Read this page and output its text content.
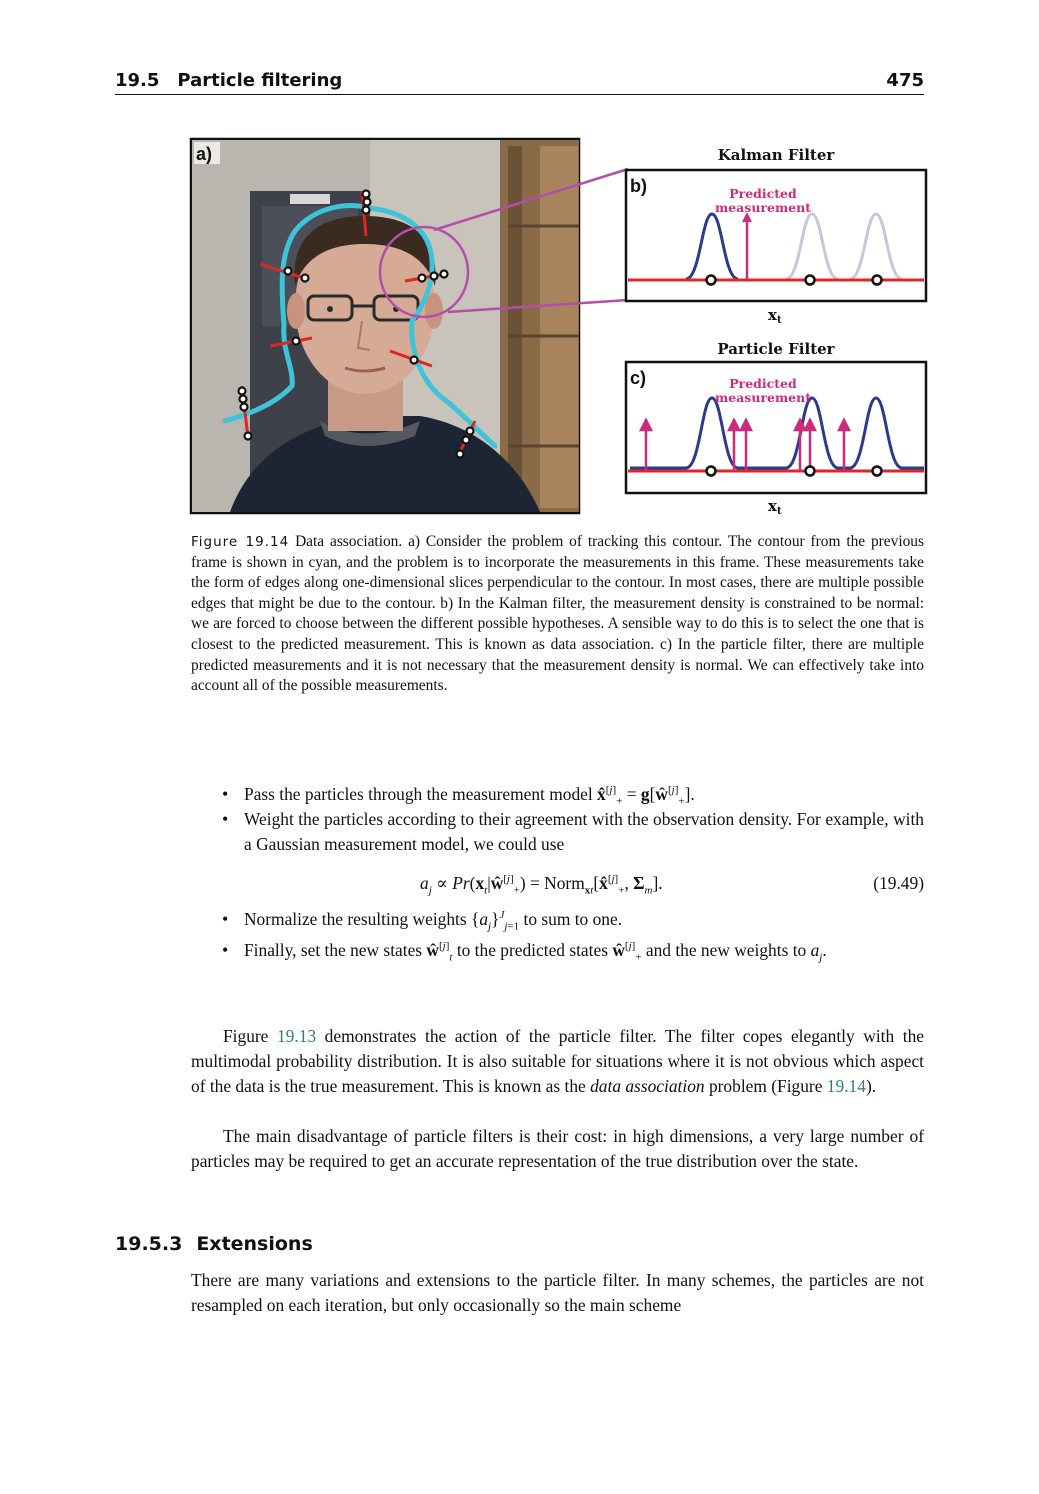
19.5 Particle filtering	475
a)	Kalman Filter
b)	Predicted
measurement
$x_t$
Particle Filter
c)	Predicted
measurement
$x_t$
Figure 19.14 Data association. a) Consider the problem of tracking this contour. The contour from the previous frame is shown in cyan, and the problem is to incorporate the measurements in this frame. These measurements take the form of edges along one-dimensional slices perpendicular to the contour. In most cases, there are multiple possible edges that might be due to the contour. b) In the Kalman filter, the measurement density is constrained to be normal: we are forced to choose between the different possible hypotheses. A sensible way to do this is to select the one that is closest to the predicted measurement. This is known as data association. c) In the particle filter, there are multiple predicted measurements and it is not necessary that the measurement density is normal. We can effectively take into account all of the possible measurements.
• Pass the particles through the measurement model $x̂[j]_+$ = $g[ŵ[j]_+]$.
• Weight the particles according to their agreement with the observation density. For example, with a Gaussian measurement model, we could use
$a_j$ ∝ $Pr(x_t|ŵ[j]_+)$ = $Norm_{xt}[x̂[j]_+$, $\Sigma_m$].	(19.49)
• Normalize the resulting weights $\{a_j\}^J_{j=1}$ to sum to one.
• Finally, set the new states $ŵ[j]_t$ to the predicted states $ŵ[j]_+$ and the new weights to $a_j$.

Figure 19.13 demonstrates the action of the particle filter. The filter copes elegantly with the multimodal probability distribution. It is also suitable for situations where it is not obvious which aspect of the data is the true measurement. This is known as the data association problem (Figure 19.14).

The main disadvantage of particle filters is their cost: in high dimensions, a very large number of particles may be required to get an accurate representation of the true distribution over the state.

19.5.3 Extensions

There are many variations and extensions to the particle filter. In many schemes, the particles are not resampled on each iteration, but only occasionally so the main scheme
